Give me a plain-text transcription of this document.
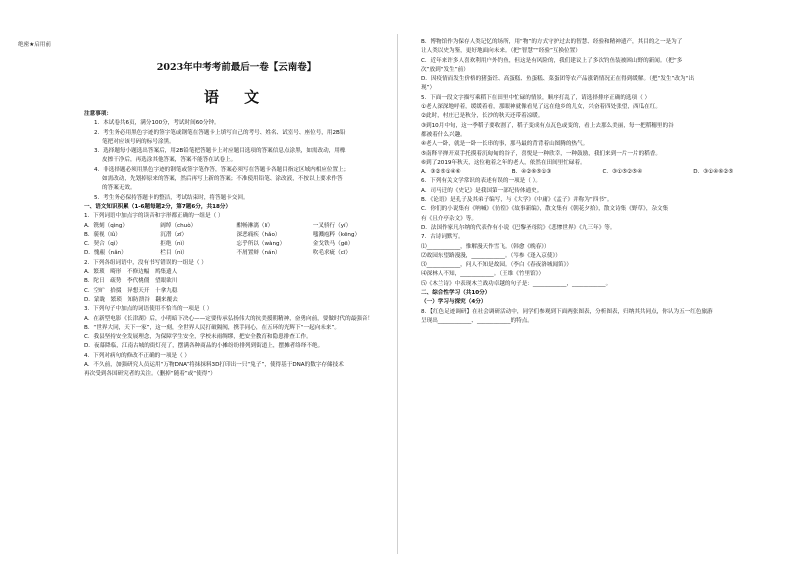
绝密★启用前
2023年中考考前最后一卷【云南卷】
语 文
注意事项：
1．本试卷共6页，满分100分，考试时间60分钟。
2．考生务必用黑色字迹的签字笔或钢笔在答题卡上填写自己的考号、姓名、试室号、座位号，用2B铅
笔把对应该号码的标号涂黑。
3．选择题每小题选出答案后，用2B铅笔把答题卡上对应题目选项的答案信息点涂黑，如需改动，用橡
皮擦干净后，再选涂其他答案，答案不能答在试卷上。
4．非选择题必须用黑色字迹的钢笔或签字笔作答，答案必须写在答题卡各题目指定区域内相应位置上；
如需改动，先划掉原来的答案，然后再写上新的答案；不准使用铅笔、涂改液，不按以上要求作答
的答案无效。
5．考生务必保持答题卡的整洁，考试结束时，将答题卡交回。
一、语文知识积累（1-6题每题2分，第7题6分，共18分）
1．下列词语中加点字的读音和字形都正确的一组是（ ）
A．镌刻（qìng）	阔绰（chuò）	酣畅淋漓（lí）	一叉骄行（yí）
B．藐视（lǜ）	沉潜（zī）	深恶痛疾（hǎo）	嗤溅庖粹（kēng）
C．契合（qì）	拒绝（nì）	忘乎所以（wàng）	金戈铁马（gē）
D．愧赧（nǎn）	栏目（nì）	不屑置辩（nán）	吹毛求疵（cī）
2．下列各组词语中，没有书写错误的一组是（ ）
A．繁琐　畸形　不修边幅　鸠集遗人
B．陀日　疏势　李代桃僵　望眼欲川
C．空旷　拾掇　异想天开　十拿九稳
D．蒙眬　繁琐　知防溃谷　翻来覆去
3．下列句子中加点的词语使用不恰当的一项是（ ）
A．在新型电影《长津湖》后，小明暗下决心——定要传承弘扬伟大的抗美援朝精神，奋勇向前，要做时代的最强音！
B．“世界大同，天下一家”，这一刻，全世界人民打破隔阂，携手同心，在五环的光辉下“一起向未来”。
C．我县坚持安全发展理念，为保障学生安全，学校未雨绸缪，把安全教育和隐患排查工作。
D．夜幕降临，江南古城的街灯亮了，摆满各种商品的小摊纷纷排列到街道上，摆摊者络绎不绝。
4．下列对病句的修改不正确的一项是（ ）
A．不久前，加强研究人员运用“万物DNA”将抹抹料3D打印出一只“兔子”，使得基于DNA的数字存储技术
再次受到各国研究者的关注。（删掉“随着”或“使得”）
B．博物馆作为保存人类记忆的场所，用“物”的方式守护过去的智慧、经验和精神遗产，其目的之一是为了
让人类以史为鉴，更好地面向未来。（把“智慧”“经验”互换位置）
C．近年来许多人喜欢利用户外钓鱼，但这是有风险的，我们建议上了多次钓鱼装被困山野的新闻。（把“多
次”放到“发生”前）
D．因疫情而发生价格的猪蛋饪、高蛋糕、鱼蛋糕、菜蛋团等农产品涨销情况正在得到缓解。（把“发生”改为“出
现”）
5．下面一段文字描写乘稻下在田里中忙碌的情景，顺序打乱了，请选择排序正确的选项（ ）
①老人深深地呼着，缓缓着看，那眼神就像看见了远在他乡的儿女，兴奋着四处张望，西瓜在红。
②此时，村庄已是秋分，长沙的秋天还带着凉暖。
③到10月中旬，这一季稻子要收割了，稻子变成有点瓦色或变的，看上去那么美丽，每一把稻穗里的谷
都被着什么兴趣。
④老人一卧，就是一卧一长串的事，那马最的背背着山图腾的热气。
⑤南释平掸开双手托摸着沉甸甸的谷子，喜悦是一种欣幸，一种鼓励，我们来到一片一片的稻香。
⑥到了2019年秋天，这位袍着之年的老人，依然在田间里忙碌着。
A．③②⑤①④⑥	B．④②⑥⑤①③	C．③①⑤②⑤④	D．③①④⑥②⑤
6．下列有关文学常识的表述有误的一项是（ ）。
A．司马迁的《史记》是我国第一部纪传体通史。
B．《论语》是孔子及其弟子编写，与《大学》《中庸》《孟子》并称为“四书”。
C．你们的小说集有《呐喊》《彷徨》《故事新编》，散文集有《朝花夕拾》，散文诗集《野草》，杂文集
有《且介亭杂文》等。
D．法国作家凡尔纳的代表作有小说《巴黎圣母院》《悲惨世界》《九三年》等。
7．古诗词默写。
⑴____________，惟解漫天作雪飞。（韩愈《晚春》）
⑵故园东望路漫漫，____________。（岑参《逢入京使》）
⑶____________，问人不知是故园。（李白《春夜洛城闻笛》）
⑷深林人不知，____________。（王维《竹里馆》）
⑸《木兰诗》中表现木兰战功卓越的句子是：____________，____________。
二、综合性学习（共10分）
（一）学习与探究（4分）
8．【红色足迹调研】在社会调研活动中，同学们参观到下面两张图表，分析图表，归纳其共同点，你认为五一红色旅游
呈现出____________、____________的特点。
